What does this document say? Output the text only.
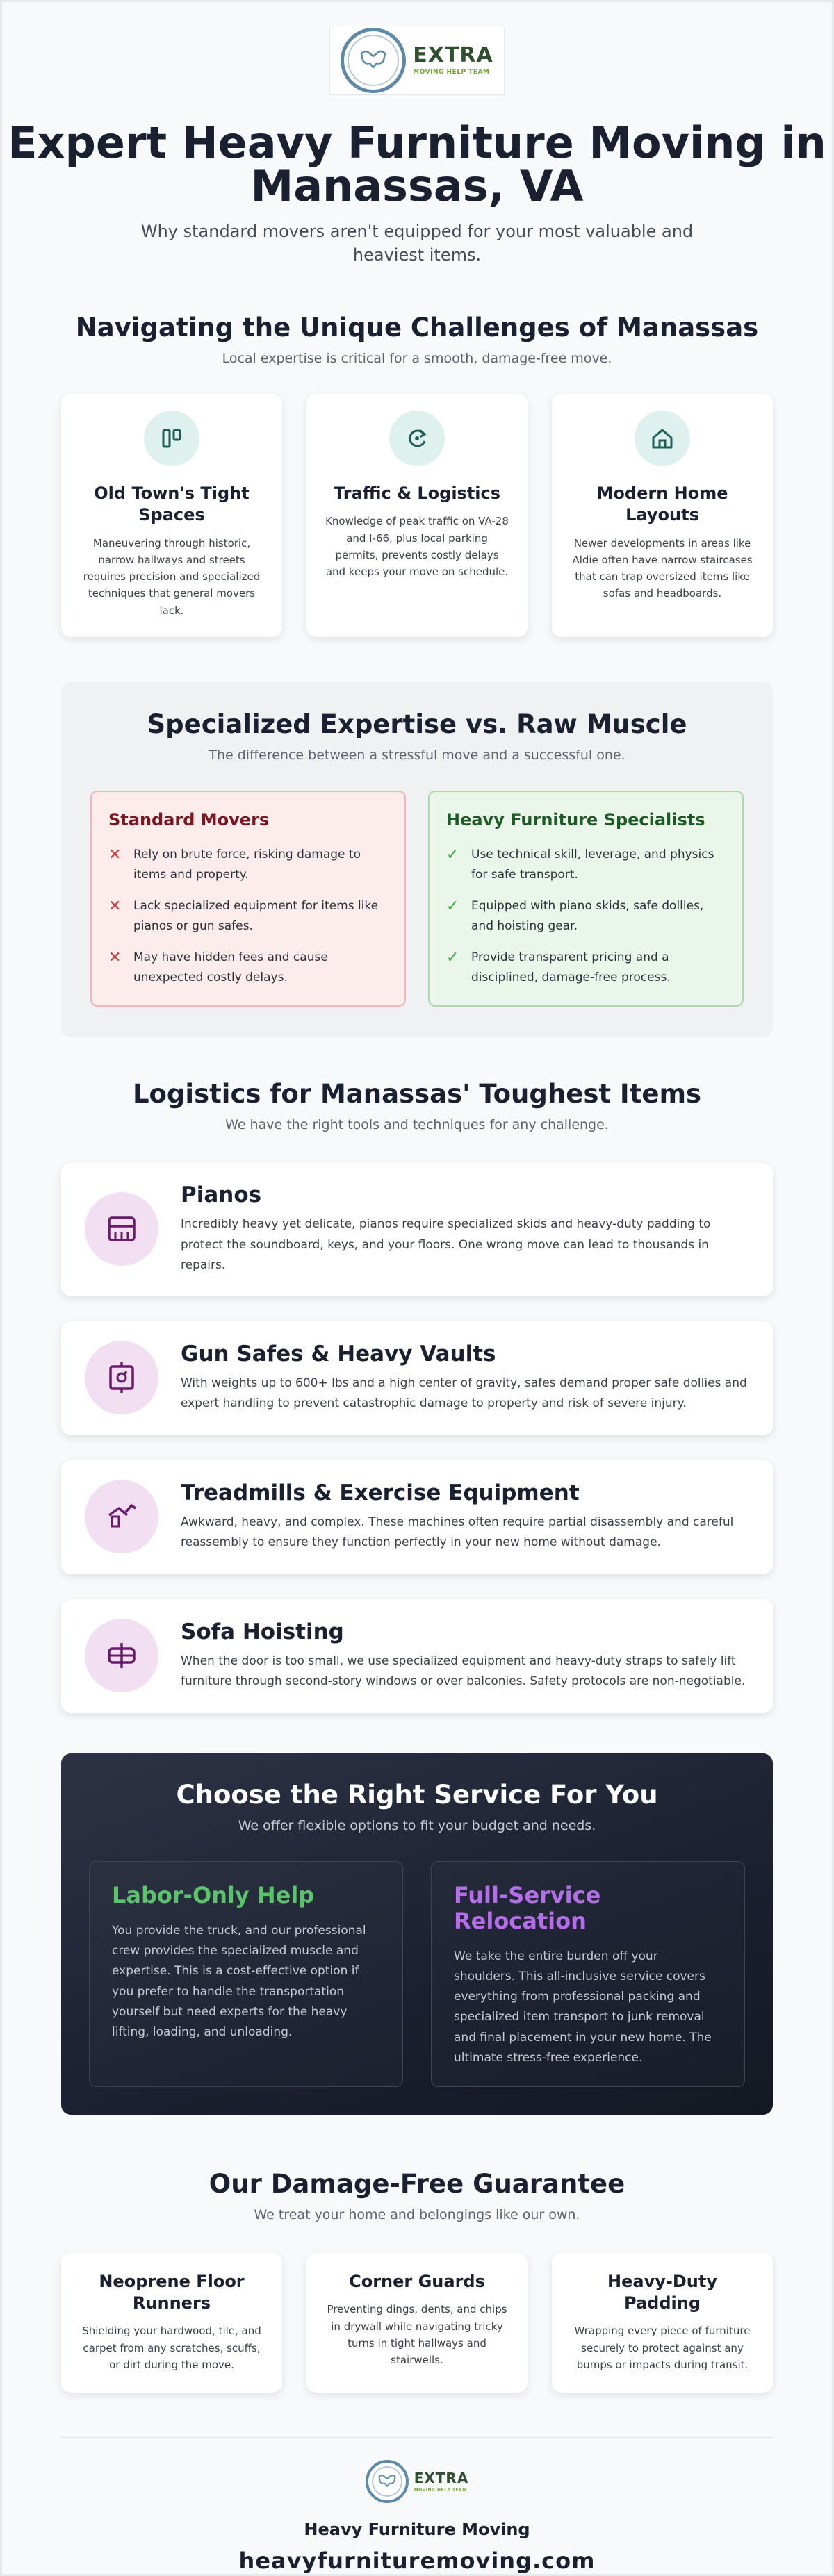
EXTRA
MOVING HELP TEAM
Expert Heavy Furniture Moving in Manassas, VA

Why standard movers aren't equipped for your most valuable and heaviest items.

Navigating the Unique Challenges of Manassas

Local expertise is critical for a smooth, damage-free move.

Old Town's Tight Spaces

Maneuvering through historic, narrow hallways and streets requires precision and specialized techniques that general movers lack.

Traffic & Logistics

Knowledge of peak traffic on VA-28 and I-66, plus local parking permits, prevents costly delays and keeps your move on schedule.

Modern Home Layouts

Newer developments in areas like Aldie often have narrow staircases that can trap oversized items like sofas and headboards.

Specialized Expertise vs. Raw Muscle

The difference between a stressful move and a successful one.

Standard Movers
✕ Rely on brute force, risking damage to items and property.
✕ Lack specialized equipment for items like pianos or gun safes.
✕ May have hidden fees and cause unexpected costly delays.
Heavy Furniture Specialists
✓ Use technical skill, leverage, and physics for safe transport.
✓ Equipped with piano skids, safe dollies, and hoisting gear.
✓ Provide transparent pricing and a disciplined, damage-free process.
Logistics for Manassas' Toughest Items

We have the right tools and techniques for any challenge.

Pianos

Incredibly heavy yet delicate, pianos require specialized skids and heavy-duty padding to protect the soundboard, keys, and your floors. One wrong move can lead to thousands in repairs.

Gun Safes & Heavy Vaults

With weights up to 600+ lbs and a high center of gravity, safes demand proper safe dollies and expert handling to prevent catastrophic damage to property and risk of severe injury.

Treadmills & Exercise Equipment

Awkward, heavy, and complex. These machines often require partial disassembly and careful reassembly to ensure they function perfectly in your new home without damage.

Sofa Hoisting

When the door is too small, we use specialized equipment and heavy-duty straps to safely lift furniture through second-story windows or over balconies. Safety protocols are non-negotiable.

Choose the Right Service For You

We offer flexible options to fit your budget and needs.

Labor-Only Help

You provide the truck, and our professional crew provides the specialized muscle and expertise. This is a cost-effective option if you prefer to handle the transportation yourself but need experts for the heavy lifting, loading, and unloading.

Full-Service Relocation

We take the entire burden off your shoulders. This all-inclusive service covers everything from professional packing and specialized item transport to junk removal and final placement in your new home. The ultimate stress-free experience.

Our Damage-Free Guarantee

We treat your home and belongings like our own.

Neoprene Floor Runners

Shielding your hardwood, tile, and carpet from any scratches, scuffs, or dirt during the move.

Corner Guards

Preventing dings, dents, and chips in drywall while navigating tricky turns in tight hallways and stairwells.

Heavy-Duty Padding

Wrapping every piece of furniture securely to protect against any bumps or impacts during transit.

EXTRA
MOVING HELP TEAM
Heavy Furniture Moving
heavyfurnituremoving.com
